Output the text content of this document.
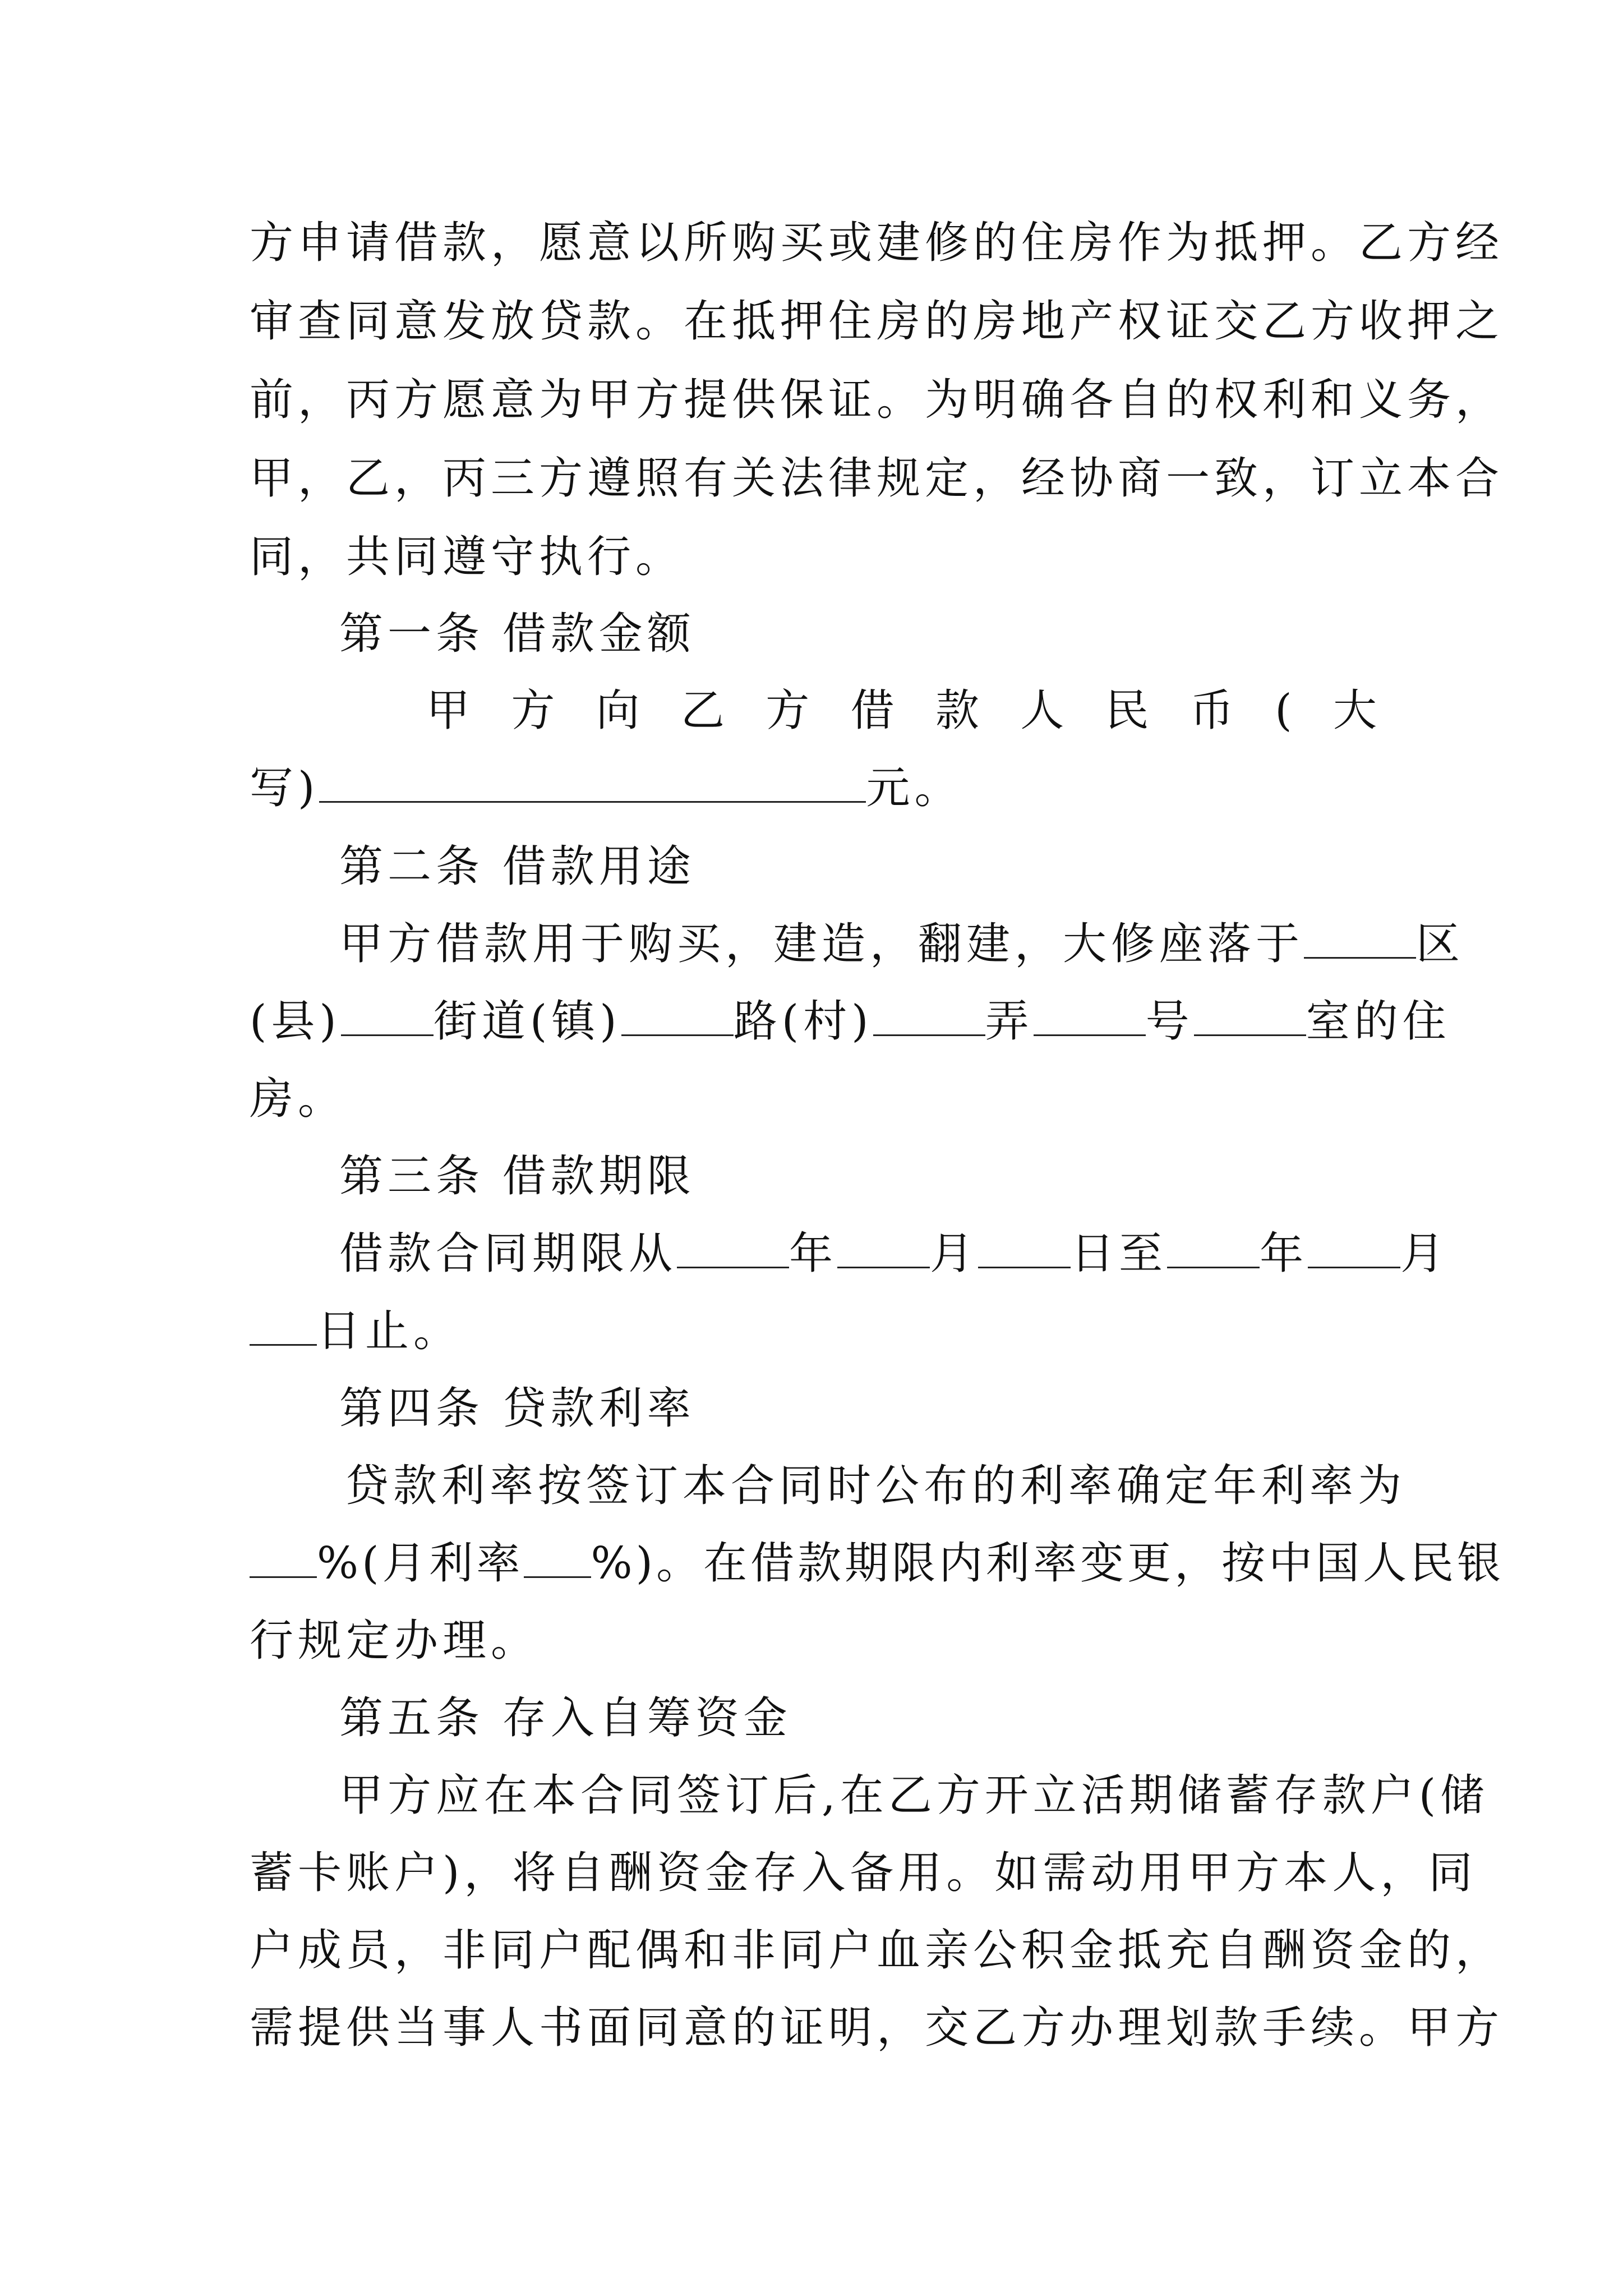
方申请借款，愿意以所购买或建修的住房作为抵押。乙方经
审查同意发放贷款。在抵押住房的房地产权证交乙方收押之
前，丙方愿意为甲方提供保证。为明确各自的权利和义务，
甲，乙，丙三方遵照有关法律规定，经协商一致，订立本合
同，共同遵守执行。
第一条 借款金额
甲方向乙方借款人民币(大
写)	元。
第二条 借款用途
甲方借款用于购买，建造，翻建，大修座落于	区
(县) 街道(镇)	路(村)	弄	号	室的住
房。
第三条 借款期限
借款合同期限从	年 月 日至 年 月
日止。
第四条 贷款利率
贷款利率按签订本合同时公布的利率确定年利率为
%(月利率 %)。在借款期限内利率变更，按中国人民银
行规定办理。
第五条 存入自筹资金
甲方应在本合同签订后,在乙方开立活期储蓄存款户(储
蓄卡账户)，将自酬资金存入备用。如需动用甲方本人，同
户成员，非同户配偶和非同户血亲公积金抵充自酬资金的，
需提供当事人书面同意的证明，交乙方办理划款手续。甲方
